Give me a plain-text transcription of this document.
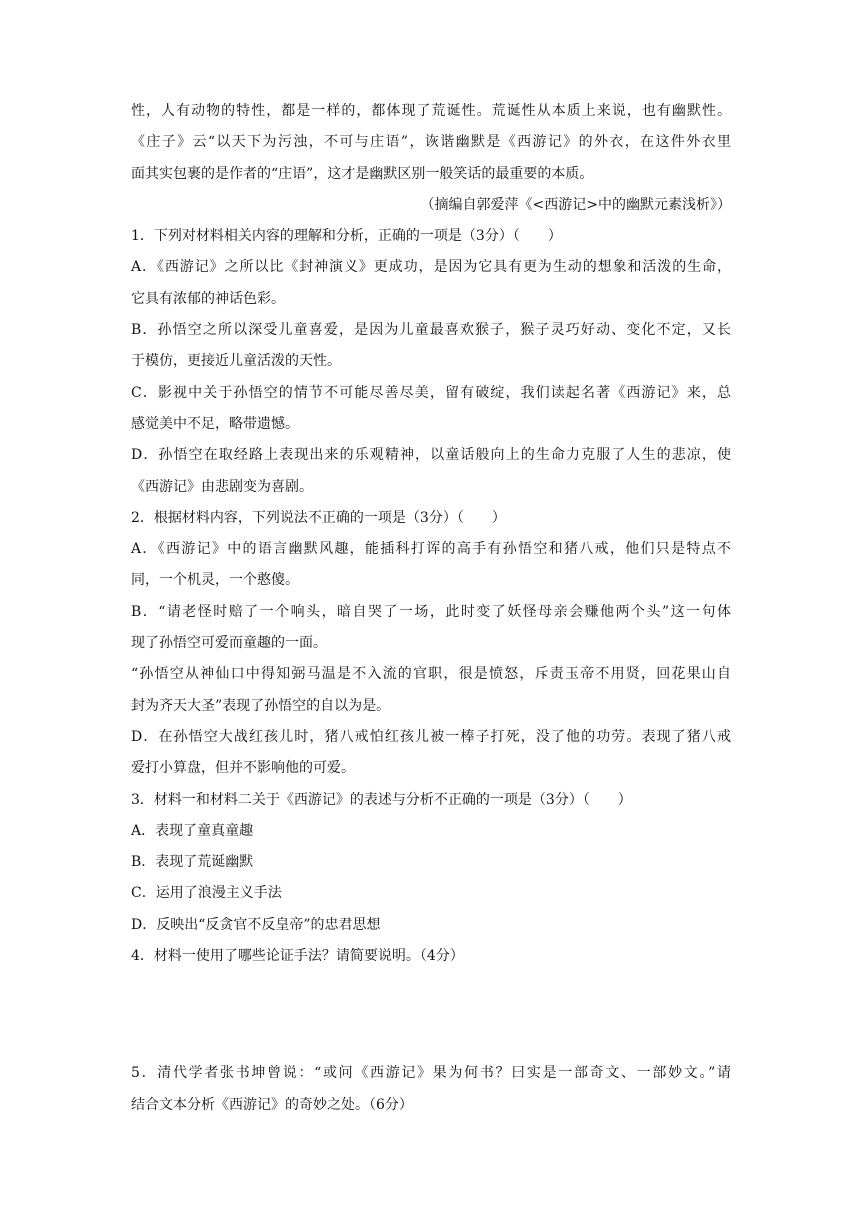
性，人有动物的特性，都是一样的，都体现了荒诞性。荒诞性从本质上来说，也有幽默性。
《庄子》云“以天下为污浊，不可与庄语”，诙谐幽默是《西游记》的外衣，在这件外衣里
面其实包裹的是作者的“庄语”，这才是幽默区别一般笑话的最重要的本质。
（摘编自郭爱萍《<西游记>中的幽默元素浅析》）
1．下列对材料相关内容的理解和分析，正确的一项是（3分）（　　）
A．《西游记》之所以比《封神演义》更成功，是因为它具有更为生动的想象和活泼的生命，
它具有浓郁的神话色彩。
B．孙悟空之所以深受儿童喜爱，是因为儿童最喜欢猴子，猴子灵巧好动、变化不定，又长
于模仿，更接近儿童活泼的天性。
C．影视中关于孙悟空的情节不可能尽善尽美，留有破绽，我们读起名著《西游记》来，总
感觉美中不足，略带遗憾。
D．孙悟空在取经路上表现出来的乐观精神，以童话般向上的生命力克服了人生的悲凉，使
《西游记》由悲剧变为喜剧。
2．根据材料内容，下列说法不正确的一项是（3分）（　　）
A．《西游记》中的语言幽默风趣，能插科打诨的高手有孙悟空和猪八戒，他们只是特点不
同，一个机灵，一个憨傻。
B．“请老怪时赔了一个响头，暗自哭了一场，此时变了妖怪母亲会赚他两个头”这一句体
现了孙悟空可爱而童趣的一面。
“孙悟空从神仙口中得知弼马温是不入流的官职，很是愤怒，斥责玉帝不用贤，回花果山自
封为齐天大圣”表现了孙悟空的自以为是。
D．在孙悟空大战红孩儿时，猪八戒怕红孩儿被一棒子打死，没了他的功劳。表现了猪八戒
爱打小算盘，但并不影响他的可爱。
3．材料一和材料二关于《西游记》的表述与分析不正确的一项是（3分）（　　）
A．表现了童真童趣
B．表现了荒诞幽默
C．运用了浪漫主义手法
D．反映出“反贪官不反皇帝”的忠君思想
4．材料一使用了哪些论证手法？请简要说明。（4分）
5．清代学者张书坤曾说：“或问《西游记》果为何书？曰实是一部奇文、一部妙文。”请
结合文本分析《西游记》的奇妙之处。（6分）
